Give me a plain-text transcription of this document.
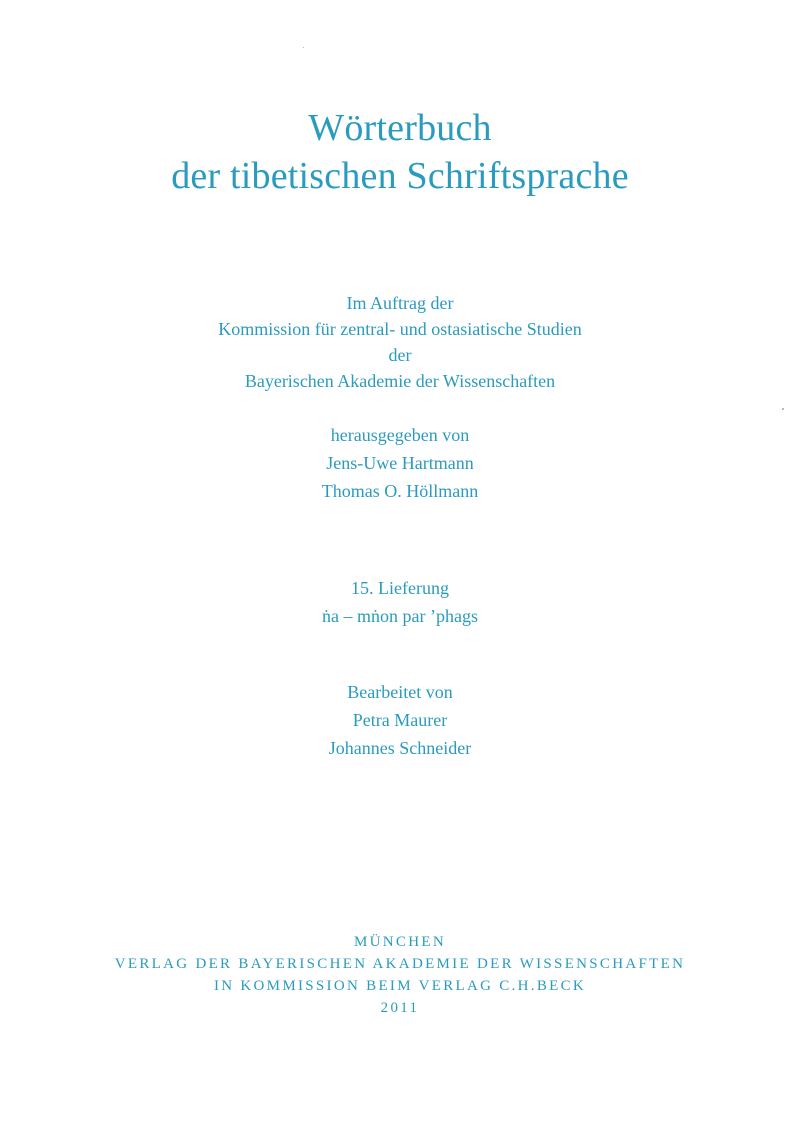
Wörterbuch
der tibetischen Schriftsprache
Im Auftrag der
Kommission für zentral- und ostasiatische Studien
der
Bayerischen Akademie der Wissenschaften
herausgegeben von
Jens-Uwe Hartmann
Thomas O. Höllmann
15. Lieferung
ṅa – mṅon par ’phags
Bearbeitet von
Petra Maurer
Johannes Schneider
MÜNCHEN
VERLAG DER BAYERISCHEN AKADEMIE DER WISSENSCHAFTEN
IN KOMMISSION BEIM VERLAG C.H.BECK
2011
